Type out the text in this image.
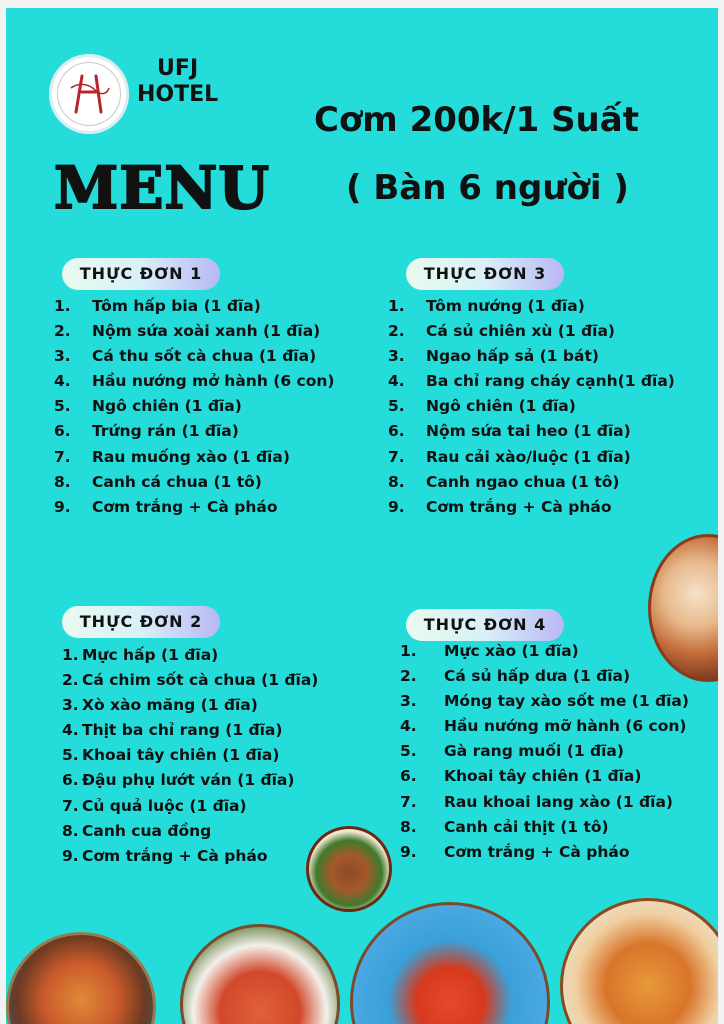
UFJ
HOTEL
MENU
Cơm 200k/1 Suất
( Bàn 6 người )
THỰC ĐƠN 1
1. Tôm hấp bia (1 đĩa)
2. Nộm sứa xoài xanh (1 đĩa)
3. Cá thu sốt cà chua (1 đĩa)
4. Hầu nướng mở hành (6 con)
5. Ngô chiên (1 đĩa)
6. Trứng rán (1 đĩa)
7. Rau muống xào (1 đĩa)
8. Canh cá chua (1 tô)
9. Cơm trắng + Cà pháo
THỰC ĐƠN 3
1. Tôm nướng (1 đĩa)
2. Cá sủ chiên xù (1 đĩa)
3. Ngao hấp sả (1 bát)
4. Ba chỉ rang cháy cạnh(1 đĩa)
5. Ngô chiên (1 đĩa)
6. Nộm sứa tai heo (1 đĩa)
7. Rau cải xào/luộc (1 đĩa)
8. Canh ngao chua (1 tô)
9. Cơm trắng + Cà pháo
THỰC ĐƠN 2
1. Mực hấp (1 đĩa)
2. Cá chim sốt cà chua (1 đĩa)
3. Xò xào măng (1 đĩa)
4. Thịt ba chỉ rang (1 đĩa)
5. Khoai tây chiên (1 đĩa)
6. Đậu phụ lướt ván (1 đĩa)
7. Củ quả luộc (1 đĩa)
8. Canh cua đồng
9. Cơm trắng + Cà pháo
THỰC ĐƠN 4
1. Mực xào (1 đĩa)
2. Cá sủ hấp dưa (1 đĩa)
3. Móng tay xào sốt me (1 đĩa)
4. Hầu nướng mỡ hành (6 con)
5. Gà rang muối (1 đĩa)
6. Khoai tây chiên (1 đĩa)
7. Rau khoai lang xào (1 đĩa)
8. Canh cải thịt (1 tô)
9. Cơm trắng + Cà pháo
